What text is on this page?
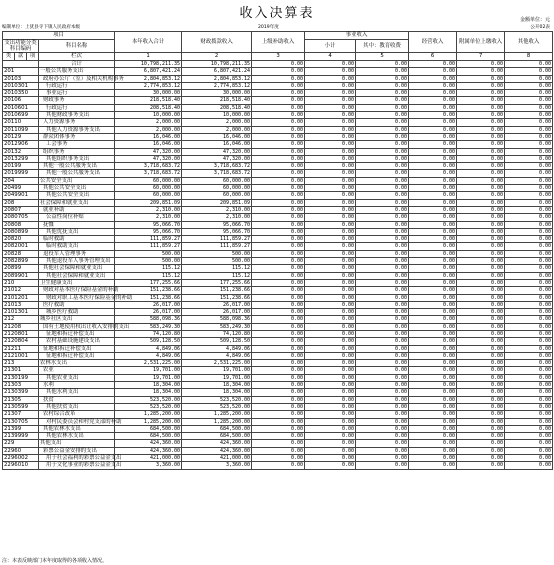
收入决算表	金额单位：元
公开02表
编制单位：上犹县寺下镇人民政府本级	2019年度
项目				本年收入合计	财政拨款收入	上级补助收入	事业收入		经营收入	附属单位上缴收入	其他收入
支出功能分类科目编码			科目名称				小计	其中：教育收费			

类	款	项	栏次	1	2	3	4	5	6	7	8
			合计	10,798,211.35	10,798,211.35	0.00	0.00	0.00	0.00	0.00	0.00
201			一般公共服务支出	6,807,421.24	6,807,421.24	0.00	0.00	0.00	0.00	0.00	0.00
20103			政府办公厅（室）及相关机构事务	2,804,853.12	2,804,853.12	0.00	0.00	0.00	0.00	0.00	0.00
2010301			行政运行	2,774,853.12	2,774,853.12	0.00	0.00	0.00	0.00	0.00	0.00
2010350			事业运行	30,000.00	30,000.00	0.00	0.00	0.00	0.00	0.00	0.00
20106			财政事务	218,518.40	218,518.40	0.00	0.00	0.00	0.00	0.00	0.00
2010601			行政运行	208,518.40	208,518.40	0.00	0.00	0.00	0.00	0.00	0.00
2010699			其他财政事务支出	10,000.00	10,000.00	0.00	0.00	0.00	0.00	0.00	0.00
20110			人力资源事务	2,000.00	2,000.00	0.00	0.00	0.00	0.00	0.00	0.00
2011099			其他人力资源事务支出	2,000.00	2,000.00	0.00	0.00	0.00	0.00	0.00	0.00
20129			群众团体事务	16,046.00	16,046.00	0.00	0.00	0.00	0.00	0.00	0.00
2012906			工会事务	16,046.00	16,046.00	0.00	0.00	0.00	0.00	0.00	0.00
20132			组织事务	47,320.00	47,320.00	0.00	0.00	0.00	0.00	0.00	0.00
2013299			其他组织事务支出	47,320.00	47,320.00	0.00	0.00	0.00	0.00	0.00	0.00
20199			其他一般公共服务支出	3,718,683.72	3,718,683.72	0.00	0.00	0.00	0.00	0.00	0.00
2019999			其他一般公共服务支出	3,718,683.72	3,718,683.72	0.00	0.00	0.00	0.00	0.00	0.00
204			公共安全支出	60,000.00	60,000.00	0.00	0.00	0.00	0.00	0.00	0.00
20499			其他公共安全支出	60,000.00	60,000.00	0.00	0.00	0.00	0.00	0.00	0.00
2049901			其他公共安全支出	60,000.00	60,000.00	0.00	0.00	0.00	0.00	0.00	0.00
208			社会保障和就业支出	209,851.09	209,851.09	0.00	0.00	0.00	0.00	0.00	0.00
20807			就业补助	2,310.00	2,310.00	0.00	0.00	0.00	0.00	0.00	0.00
2080705			公益性岗位补贴	2,310.00	2,310.00	0.00	0.00	0.00	0.00	0.00	0.00
20808			抚恤	95,066.70	95,066.70	0.00	0.00	0.00	0.00	0.00	0.00
2080899			其他优抚支出	95,066.70	95,066.70	0.00	0.00	0.00	0.00	0.00	0.00
20820			临时救助	111,859.27	111,859.27	0.00	0.00	0.00	0.00	0.00	0.00
2082001			临时救助支出	111,859.27	111,859.27	0.00	0.00	0.00	0.00	0.00	0.00
20828			退役军人管理事务	500.00	500.00	0.00	0.00	0.00	0.00	0.00	0.00
2082899			其他退役军人事务管理支出	500.00	500.00	0.00	0.00	0.00	0.00	0.00	0.00
20899			其他社会保障和就业支出	115.12	115.12	0.00	0.00	0.00	0.00	0.00	0.00
2089901			其他社会保障和就业支出	115.12	115.12	0.00	0.00	0.00	0.00	0.00	0.00
210			卫生健康支出	177,255.66	177,255.66	0.00	0.00	0.00	0.00	0.00	0.00
21012			财政对基本医疗保险基金的补助	151,238.66	151,238.66	0.00	0.00	0.00	0.00	0.00	0.00
2101201			财政对职工基本医疗保险基金的补助	151,238.66	151,238.66	0.00	0.00	0.00	0.00	0.00	0.00
21013			医疗救助	26,017.00	26,017.00	0.00	0.00	0.00	0.00	0.00	0.00
2101301			城乡医疗救助	26,017.00	26,017.00	0.00	0.00	0.00	0.00	0.00	0.00
212			城乡社区支出	588,098.36	588,098.36	0.00	0.00	0.00	0.00	0.00	0.00
21208			国有土地使用权出让收入安排的支出	583,249.30	583,249.30	0.00	0.00	0.00	0.00	0.00	0.00
2120801			征地和拆迁补偿支出	74,120.80	74,120.80	0.00	0.00	0.00	0.00	0.00	0.00
2120804			农村基础设施建设支出	509,128.50	509,128.50	0.00	0.00	0.00	0.00	0.00	0.00
21211			征地和拆迁补偿支出	4,849.06	4,849.06	0.00	0.00	0.00	0.00	0.00	0.00
2121001			征地和拆迁补偿支出	4,849.06	4,849.06	0.00	0.00	0.00	0.00	0.00	0.00
213			农林水支出	2,531,225.00	2,531,225.00	0.00	0.00	0.00	0.00	0.00	0.00
21301			农业	19,701.00	19,701.00	0.00	0.00	0.00	0.00	0.00	0.00
2130199			其他农业支出	19,701.00	19,701.00	0.00	0.00	0.00	0.00	0.00	0.00
21303			水利	18,304.00	18,304.00	0.00	0.00	0.00	0.00	0.00	0.00
2130399			其他水利支出	18,304.00	18,304.00	0.00	0.00	0.00	0.00	0.00	0.00
21305			扶贫	523,520.00	523,520.00	0.00	0.00	0.00	0.00	0.00	0.00
2130599			其他扶贫支出	523,520.00	523,520.00	0.00	0.00	0.00	0.00	0.00	0.00
21307			农村综合改革	1,285,200.00	1,285,200.00	0.00	0.00	0.00	0.00	0.00	0.00
2130705			对村民委员会和村党支部的补助	1,285,200.00	1,285,200.00	0.00	0.00	0.00	0.00	0.00	0.00
21399			其他农林水支出	684,500.00	684,500.00	0.00	0.00	0.00	0.00	0.00	0.00
2139999			其他农林水支出	684,500.00	684,500.00	0.00	0.00	0.00	0.00	0.00	0.00
229			其他支出	424,360.00	424,360.00	0.00	0.00	0.00	0.00	0.00	0.00
22960			彩票公益金安排的支出	424,360.00	424,360.00	0.00	0.00	0.00	0.00	0.00	0.00
2296002			用于社会福利的彩票公益金支出	421,000.00	421,000.00	0.00	0.00	0.00	0.00	0.00	0.00
2296010			用于文化事业的彩票公益金支出	3,360.00	3,360.00	0.00	0.00	0.00	0.00	0.00	0.00
注：本表反映部门本年度取得的各项收入情况。
